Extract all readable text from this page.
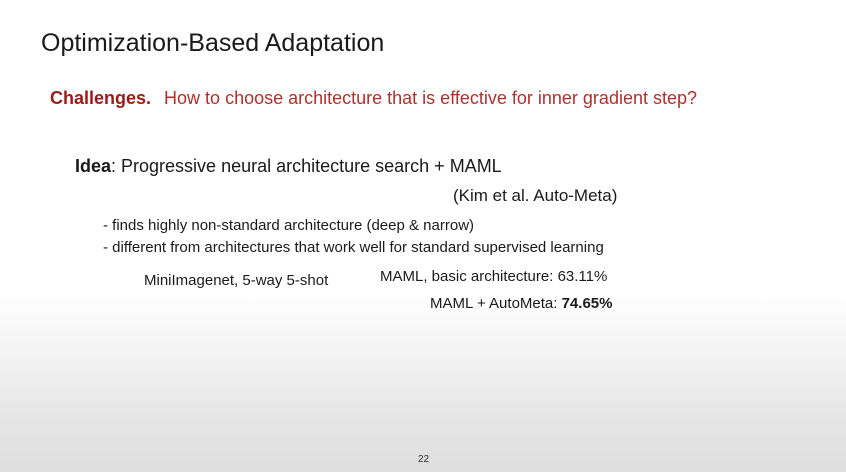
Optimization-Based Adaptation
Challenges. How to choose architecture that is effective for inner gradient step?
Idea: Progressive neural architecture search + MAML
(Kim et al. Auto-Meta)
- finds highly non-standard architecture (deep & narrow)
- different from architectures that work well for standard supervised learning
MiniImagenet, 5-way 5-shot	MAML, basic architecture: 63.11%
MAML + AutoMeta: 74.65%
22
